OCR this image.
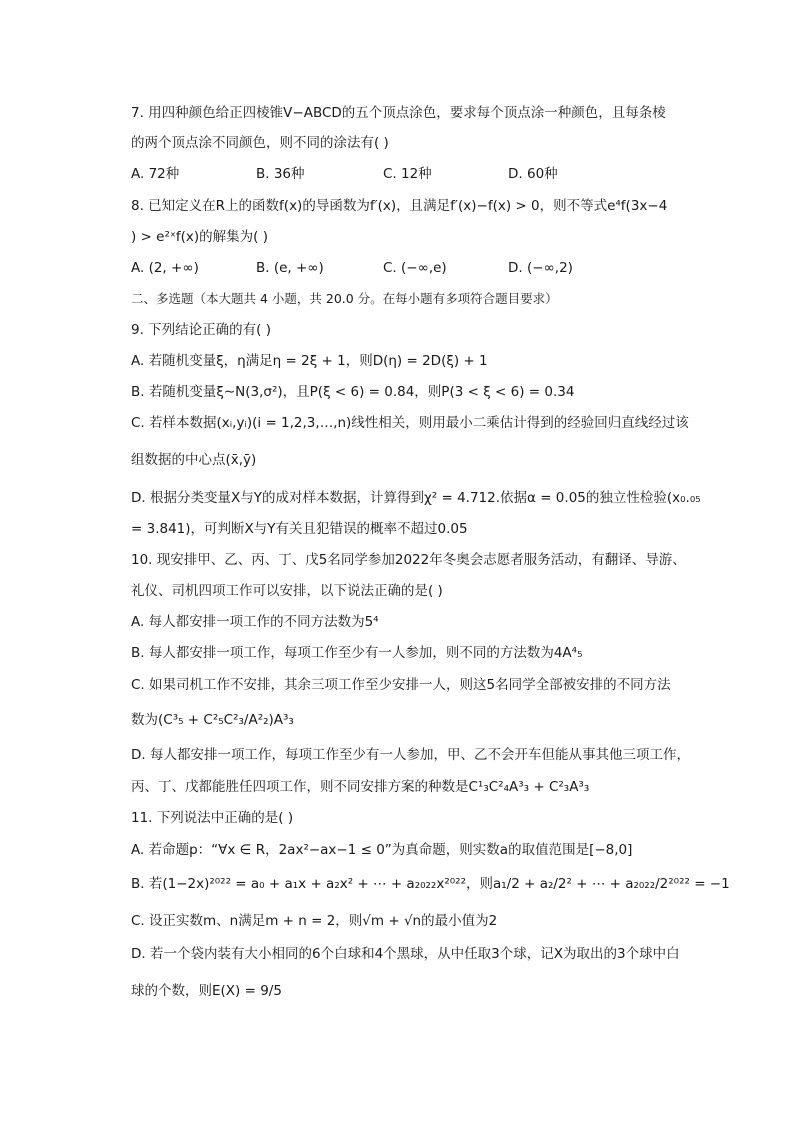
7. 用四种颜色给正四棱锥V−ABCD的五个顶点涂色，要求每个顶点涂一种颜色，且每条棱
的两个顶点涂不同颜色，则不同的涂法有( )
A. 72种	B. 36种	C. 12种	D. 60种
8. 已知定义在R上的函数f(x)的导函数为f′(x)，且满足f′(x)−f(x) > 0，则不等式e⁴f(3x−4
) > e²ˣf(x)的解集为( )
A. (2, +∞)	B. (e, +∞)	C. (−∞,e)	D. (−∞,2)
二、多选题（本大题共 4 小题，共 20.0 分。在每小题有多项符合题目要求）
9. 下列结论正确的有( )
A. 若随机变量ξ，η满足η = 2ξ + 1，则D(η) = 2D(ξ) + 1
B. 若随机变量ξ∼N(3,σ²)，且P(ξ < 6) = 0.84，则P(3 < ξ < 6) = 0.34
C. 若样本数据(xᵢ,yᵢ)(i = 1,2,3,…,n)线性相关，则用最小二乘估计得到的经验回归直线经过该
组数据的中心点(x̄,ȳ)
D. 根据分类变量X与Y的成对样本数据，计算得到χ² = 4.712.依据α = 0.05的独立性检验(x₀.₀₅
= 3.841)，可判断X与Y有关且犯错误的概率不超过0.05
10. 现安排甲、乙、丙、丁、戊5名同学参加2022年冬奥会志愿者服务活动，有翻译、导游、
礼仪、司机四项工作可以安排，以下说法正确的是( )
A. 每人都安排一项工作的不同方法数为5⁴
B. 每人都安排一项工作，每项工作至少有一人参加，则不同的方法数为4A⁴₅
C. 如果司机工作不安排，其余三项工作至少安排一人，则这5名同学全部被安排的不同方法
数为(C³₅ + C²₅C²₃/A²₂)A³₃
D. 每人都安排一项工作，每项工作至少有一人参加，甲、乙不会开车但能从事其他三项工作，
丙、丁、戊都能胜任四项工作，则不同安排方案的种数是C¹₃C²₄A³₃ + C²₃A³₃
11. 下列说法中正确的是( )
A. 若命题p：“∀x ∈ R，2ax²−ax−1 ≤ 0”为真命题，则实数a的取值范围是[−8,0]
B. 若(1−2x)²⁰²² = a₀ + a₁x + a₂x² + ⋯ + a₂₀₂₂x²⁰²²，则a₁/2 + a₂/2² + ⋯ + a₂₀₂₂/2²⁰²² = −1
C. 设正实数m、n满足m + n = 2，则√m + √n的最小值为2
D. 若一个袋内装有大小相同的6个白球和4个黑球，从中任取3个球，记X为取出的3个球中白
球的个数，则E(X) = 9/5
